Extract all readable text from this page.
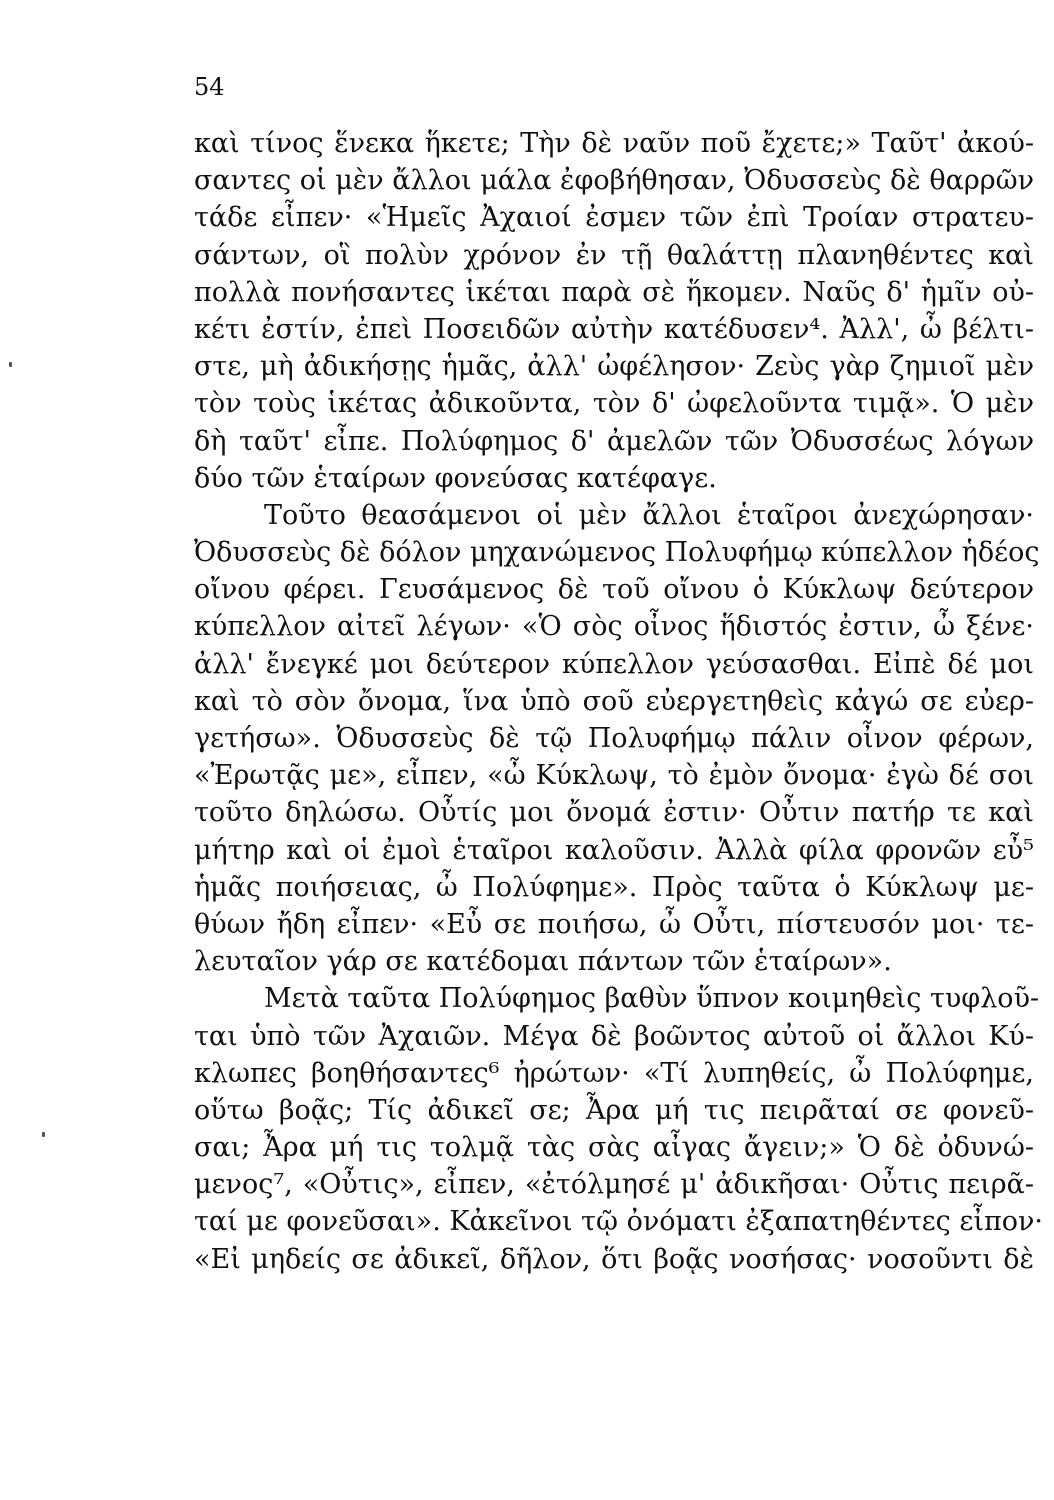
54
καὶ τίνος ἕνεκα ἥκετε; Τὴν δὲ ναῦν ποῦ ἔχετε;» Ταῦτ' ἀκού-
σαντες οἱ μὲν ἄλλοι μάλα ἐφοβήθησαν, Ὀδυσσεὺς δὲ θαρρῶν
τάδε εἶπεν· «Ἡμεῖς Ἀχαιοί ἐσμεν τῶν ἐπὶ Τροίαν στρατευ-
σάντων, οἳ πολὺν χρόνον ἐν τῇ θαλάττῃ πλανηθέντες καὶ
πολλὰ πονήσαντες ἱκέται παρὰ σὲ ἥκομεν. Ναῦς δ' ἡμῖν οὐ-
κέτι ἐστίν, ἐπεὶ Ποσειδῶν αὐτὴν κατέδυσεν⁴. Ἀλλ', ὦ βέλτι-
στε, μὴ ἀδικήσῃς ἡμᾶς, ἀλλ' ὠφέλησον· Ζεὺς γὰρ ζημιοῖ μὲν
τὸν τοὺς ἱκέτας ἀδικοῦντα, τὸν δ' ὠφελοῦντα τιμᾷ». Ὁ μὲν
δὴ ταῦτ' εἶπε. Πολύφημος δ' ἀμελῶν τῶν Ὀδυσσέως λόγων
δύο τῶν ἑταίρων φονεύσας κατέφαγε.
Τοῦτο θεασάμενοι οἱ μὲν ἄλλοι ἑταῖροι ἀνεχώρησαν·
Ὀδυσσεὺς δὲ δόλον μηχανώμενος Πολυφήμῳ κύπελλον ἡδέος
οἴνου φέρει. Γευσάμενος δὲ τοῦ οἴνου ὁ Κύκλωψ δεύτερον
κύπελλον αἰτεῖ λέγων· «Ὁ σὸς οἶνος ἥδιστός ἐστιν, ὦ ξένε·
ἀλλ' ἔνεγκέ μοι δεύτερον κύπελλον γεύσασθαι. Εἰπὲ δέ μοι
καὶ τὸ σὸν ὄνομα, ἵνα ὑπὸ σοῦ εὐεργετηθεὶς κἀγώ σε εὐερ-
γετήσω». Ὀδυσσεὺς δὲ τῷ Πολυφήμῳ πάλιν οἶνον φέρων,
«Ἐρωτᾷς με», εἶπεν, «ὦ Κύκλωψ, τὸ ἐμὸν ὄνομα· ἐγὼ δέ σοι
τοῦτο δηλώσω. Οὖτίς μοι ὄνομά ἐστιν· Οὖτιν πατήρ τε καὶ
μήτηρ καὶ οἱ ἐμοὶ ἑταῖροι καλοῦσιν. Ἀλλὰ φίλα φρονῶν εὖ⁵
ἡμᾶς ποιήσειας, ὦ Πολύφημε». Πρὸς ταῦτα ὁ Κύκλωψ με-
θύων ἤδη εἶπεν· «Εὖ σε ποιήσω, ὦ Οὖτι, πίστευσόν μοι· τε-
λευταῖον γάρ σε κατέδομαι πάντων τῶν ἑταίρων».
Μετὰ ταῦτα Πολύφημος βαθὺν ὕπνον κοιμηθεὶς τυφλοῦ-
ται ὑπὸ τῶν Ἀχαιῶν. Μέγα δὲ βοῶντος αὐτοῦ οἱ ἄλλοι Κύ-
κλωπες βοηθήσαντες⁶ ἠρώτων· «Τί λυπηθείς, ὦ Πολύφημε,
οὕτω βοᾷς; Τίς ἀδικεῖ σε; Ἆρα μή τις πειρᾶταί σε φονεῦ-
σαι; Ἆρα μή τις τολμᾷ τὰς σὰς αἶγας ἄγειν;» Ὁ δὲ ὀδυνώ-
μενος⁷, «Οὖτις», εἶπεν, «ἐτόλμησέ μ' ἀδικῆσαι· Οὖτις πειρᾶ-
ταί με φονεῦσαι». Κἀκεῖνοι τῷ ὀνόματι ἐξαπατηθέντες εἶπον·
«Εἰ μηδείς σε ἀδικεῖ, δῆλον, ὅτι βοᾷς νοσήσας· νοσοῦντι δὲ
